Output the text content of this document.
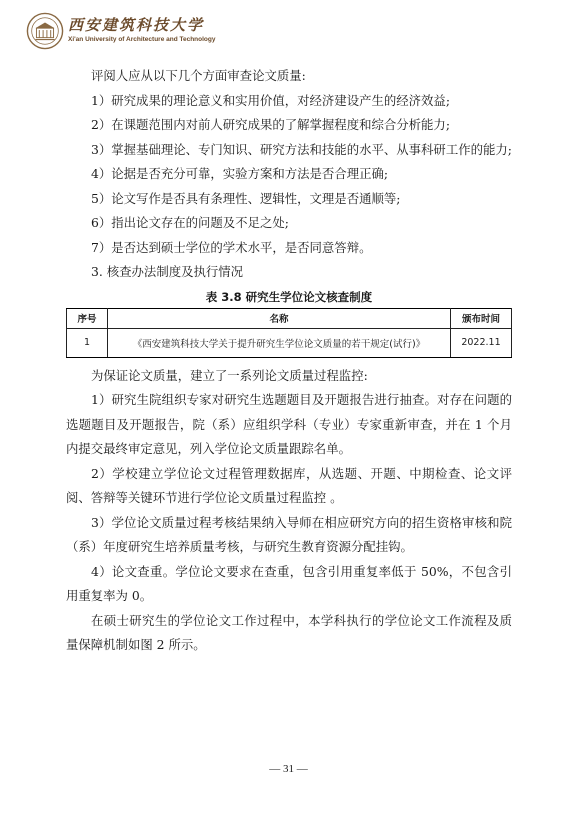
西安建筑科技大学
Xi'an University of Architecture and Technology

评阅人应从以下几个方面审查论文质量:

1）研究成果的理论意义和实用价值，对经济建设产生的经济效益;

2）在课题范围内对前人研究成果的了解掌握程度和综合分析能力;

3）掌握基础理论、专门知识、研究方法和技能的水平、从事科研工作的能力;

4）论据是否充分可靠，实验方案和方法是否合理正确;

5）论文写作是否具有条理性、逻辑性，文理是否通顺等;

6）指出论文存在的问题及不足之处;

7）是否达到硕士学位的学术水平，是否同意答辩。

3. 核查办法制度及执行情况

表 3.8 研究生学位论文核查制度
序号	名称	颁布时间
1	《西安建筑科技大学关于提升研究生学位论文质量的若干规定(试行)》	2022.11

为保证论文质量，建立了一系列论文质量过程监控:

1）研究生院组织专家对研究生选题题目及开题报告进行抽查。对存在问题的选题题目及开题报告，院（系）应组织学科（专业）专家重新审查，并在 1 个月内提交最终审定意见，列入学位论文质量跟踪名单。

2）学校建立学位论文过程管理数据库，从选题、开题、中期检查、论文评阅、答辩等关键环节进行学位论文质量过程监控 。

3）学位论文质量过程考核结果纳入导师在相应研究方向的招生资格审核和院（系）年度研究生培养质量考核，与研究生教育资源分配挂钩。

4）论文查重。学位论文要求在查重，包含引用重复率低于 50%，不包含引用重复率为 0。

在硕士研究生的学位论文工作过程中，本学科执行的学位论文工作流程及质量保障机制如图 2 所示。

— 31 —
